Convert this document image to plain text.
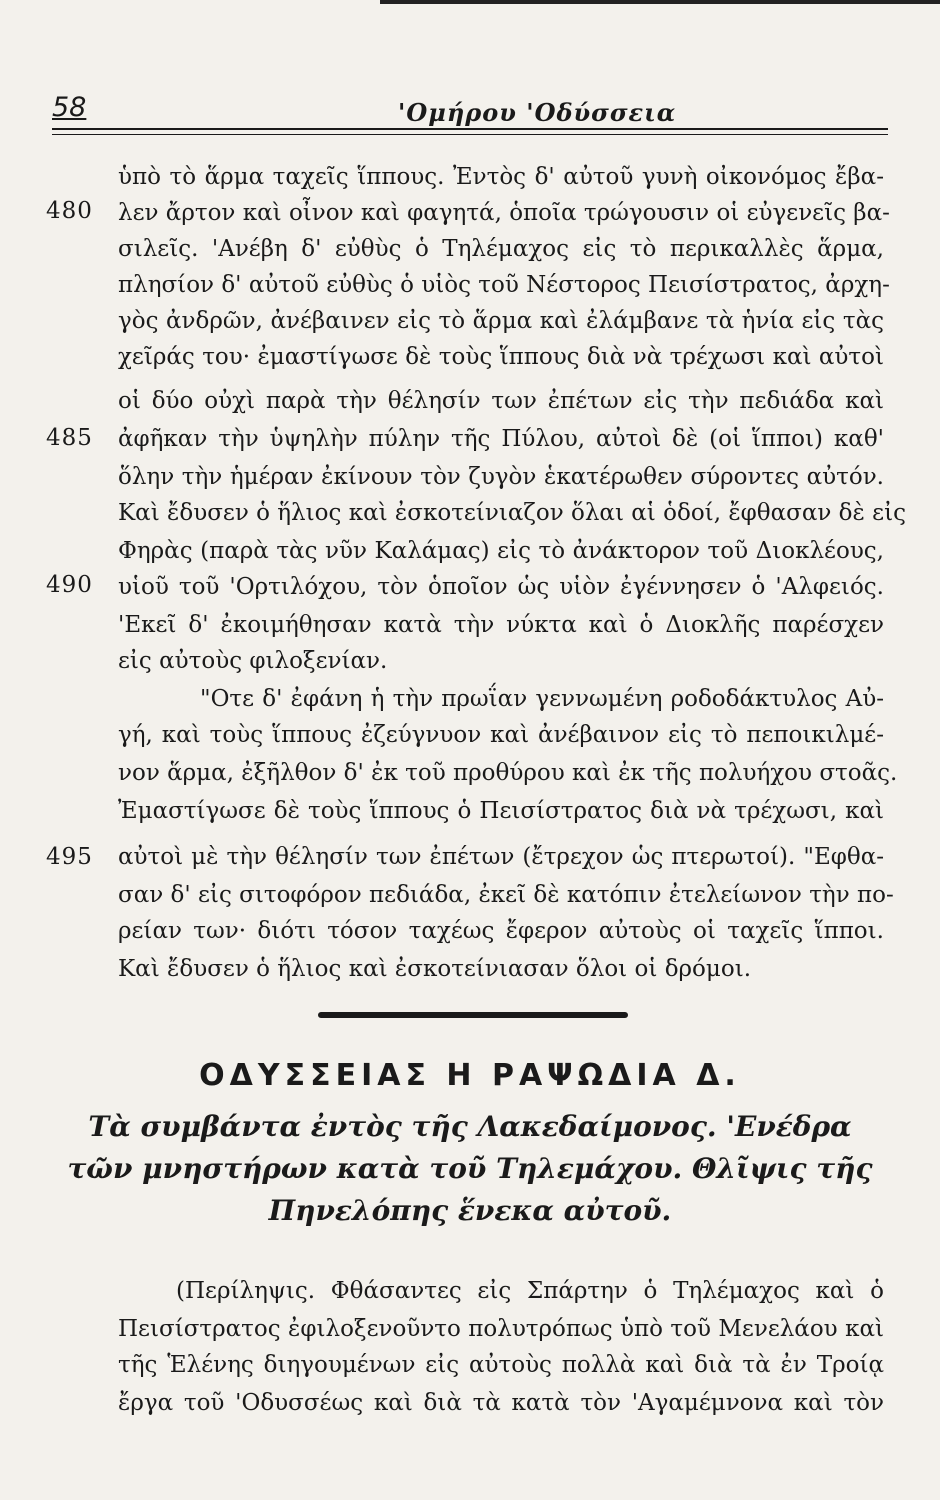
58	'Ομήρου 'Οδύσσεια
480
485
490
495
ὑπὸ τὸ ἅρμα ταχεῖς ἵππους. Ἐντὸς δ' αὐτοῦ γυνὴ οἰκονόμος ἔβα-
λεν ἄρτον καὶ οἶνον καὶ φαγητά, ὁποῖα τρώγουσιν οἱ εὐγενεῖς βα-
σιλεῖς. 'Ανέβη δ' εὐθὺς ὁ Τηλέμαχος εἰς τὸ περικαλλὲς ἅρμα,
πλησίον δ' αὐτοῦ εὐθὺς ὁ υἱὸς τοῦ Νέστορος Πεισίστρατος, ἀρχη-
γὸς ἀνδρῶν, ἀνέβαινεν εἰς τὸ ἅρμα καὶ ἐλάμβανε τὰ ἡνία εἰς τὰς
χεῖράς του· ἐμαστίγωσε δὲ τοὺς ἵππους διὰ νὰ τρέχωσι καὶ αὐτοὶ
οἱ δύο οὐχὶ παρὰ τὴν θέλησίν των ἐπέτων εἰς τὴν πεδιάδα καὶ
ἀφῆκαν τὴν ὑψηλὴν πύλην τῆς Πύλου, αὐτοὶ δὲ (οἱ ἵπποι) καθ'
ὅλην τὴν ἡμέραν ἐκίνουν τὸν ζυγὸν ἑκατέρωθεν σύροντες αὐτόν.
Καὶ ἔδυσεν ὁ ἥλιος καὶ ἐσκοτείνιαζον ὅλαι αἱ ὁδοί, ἔφθασαν δὲ εἰς
Φηρὰς (παρὰ τὰς νῦν Καλάμας) εἰς τὸ ἀνάκτορον τοῦ Διοκλέους,
υἱοῦ τοῦ 'Ορτιλόχου, τὸν ὁποῖον ὡς υἱὸν ἐγέννησεν ὁ 'Αλφειός.
'Εκεῖ δ' ἐκοιμήθησαν κατὰ τὴν νύκτα καὶ ὁ Διοκλῆς παρέσχεν
εἰς αὐτοὺς φιλοξενίαν.
"Οτε δ' ἐφάνη ἡ τὴν πρωΐαν γεννωμένη ροδοδάκτυλος Αὐ-
γή, καὶ τοὺς ἵππους ἐζεύγνυον καὶ ἀνέβαινον εἰς τὸ πεποικιλμέ-
νον ἅρμα, ἐξῆλθον δ' ἐκ τοῦ προθύρου καὶ ἐκ τῆς πολυήχου στοᾶς.
Ἐμαστίγωσε δὲ τοὺς ἵππους ὁ Πεισίστρατος διὰ νὰ τρέχωσι, καὶ
αὐτοὶ μὲ τὴν θέλησίν των ἐπέτων (ἔτρεχον ὡς πτερωτοί). "Εφθα-
σαν δ' εἰς σιτοφόρον πεδιάδα, ἐκεῖ δὲ κατόπιν ἐτελείωνον τὴν πο-
ρείαν των· διότι τόσον ταχέως ἔφερον αὐτοὺς οἱ ταχεῖς ἵπποι.
Καὶ ἔδυσεν ὁ ἥλιος καὶ ἐσκοτείνιασαν ὅλοι οἱ δρόμοι.
ΟΔΥΣΣΕΙΑΣ Η ΡΑΨΩΔΙΑ Δ.
Τὰ συμβάντα ἐντὸς τῆς Λακεδαίμονος. 'Ενέδρα
τῶν μνηστήρων κατὰ τοῦ Τηλεμάχου. Θλῖψις τῆς
Πηνελόπης ἕνεκα αὐτοῦ.
(Περίληψις. Φθάσαντες εἰς Σπάρτην ὁ Τηλέμαχος καὶ ὁ
Πεισίστρατος ἐφιλοξενοῦντο πολυτρόπως ὑπὸ τοῦ Μενελάου καὶ
τῆς Ἑλένης διηγουμένων εἰς αὐτοὺς πολλὰ καὶ διὰ τὰ ἐν Τροίᾳ
ἔργα τοῦ 'Οδυσσέως καὶ διὰ τὰ κατὰ τὸν 'Αγαμέμνονα καὶ τὸν
